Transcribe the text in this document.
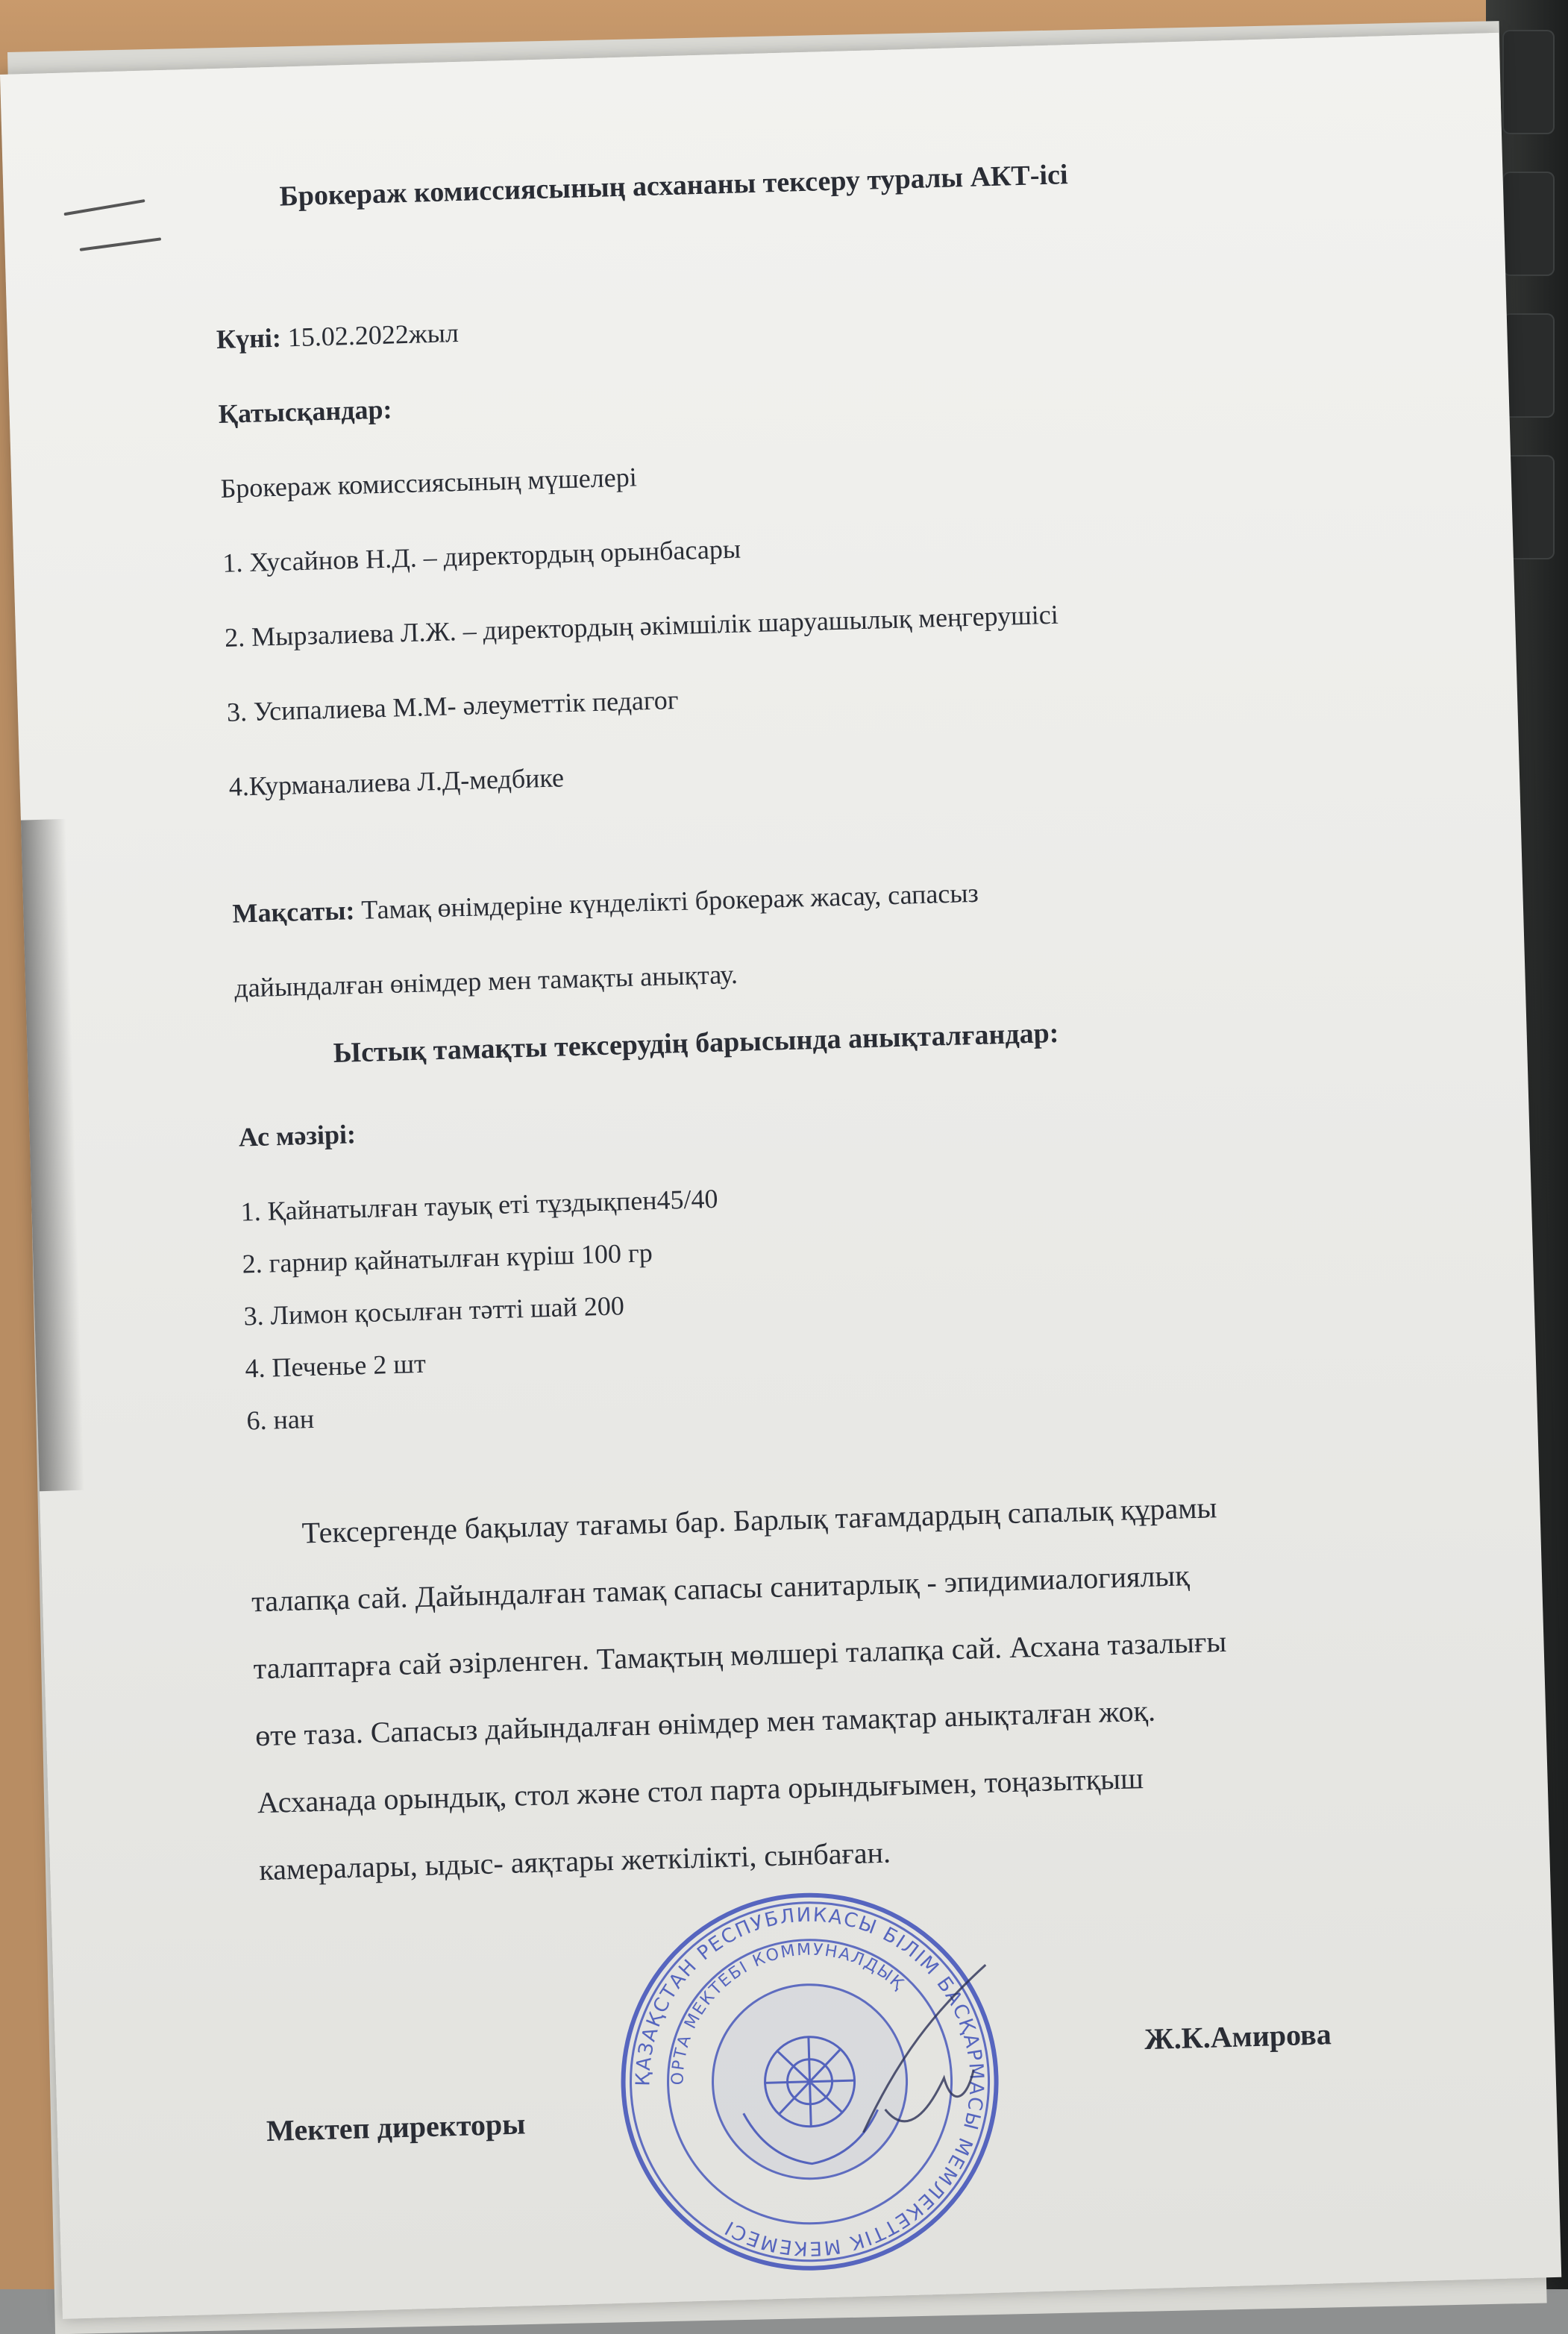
Брокераж комиссиясының асхананы тексеру туралы АКТ-ісі
Күні: 15.02.2022жыл
Қатысқандар:
Брокераж комиссиясының мүшелері
1. Хусайнов Н.Д. – директордың орынбасары
2. Мырзалиева Л.Ж. – директордың әкімшілік шаруашылық меңгерушісі
3. Усипалиева М.М- әлеуметтік педагог
4.Курманалиева Л.Д-медбике
Мақсаты: Тамақ өнімдеріне күнделікті брокераж жасау, сапасыз
дайындалған өнімдер мен тамақты анықтау.
Ыстық тамақты тексерудің барысында анықталғандар:
Ас мәзірі:
1. Қайнатылған тауық еті тұздықпен45/40
2. гарнир қайнатылған күріш 100 гр
3. Лимон қосылған тәтті шай 200
4. Печенье 2 шт
6. нан
Тексергенде бақылау тағамы бар. Барлық тағамдардың сапалық құрамы
талапқа сай. Дайындалған тамақ сапасы санитарлық - эпидимиалогиялық
талаптарға сай әзірленген. Тамақтың мөлшері талапқа сай. Асхана тазалығы
өте таза. Сапасыз дайындалған өнімдер мен тамақтар анықталған жоқ.
Асханада орындық, стол және стол парта орындығымен, тоңазытқыш
камералары, ыдыс- аяқтары жеткілікті, сынбаған.
Мектеп директоры
Ж.К.Амирова
ҚАЗАҚСТАН РЕСПУБЛИКАСЫ БІЛІМ БАСҚАРМАСЫ МЕМЛЕКЕТТІК МЕКЕМЕСІ
ОРТА МЕКТЕБІ КОММУНАЛДЫҚ
